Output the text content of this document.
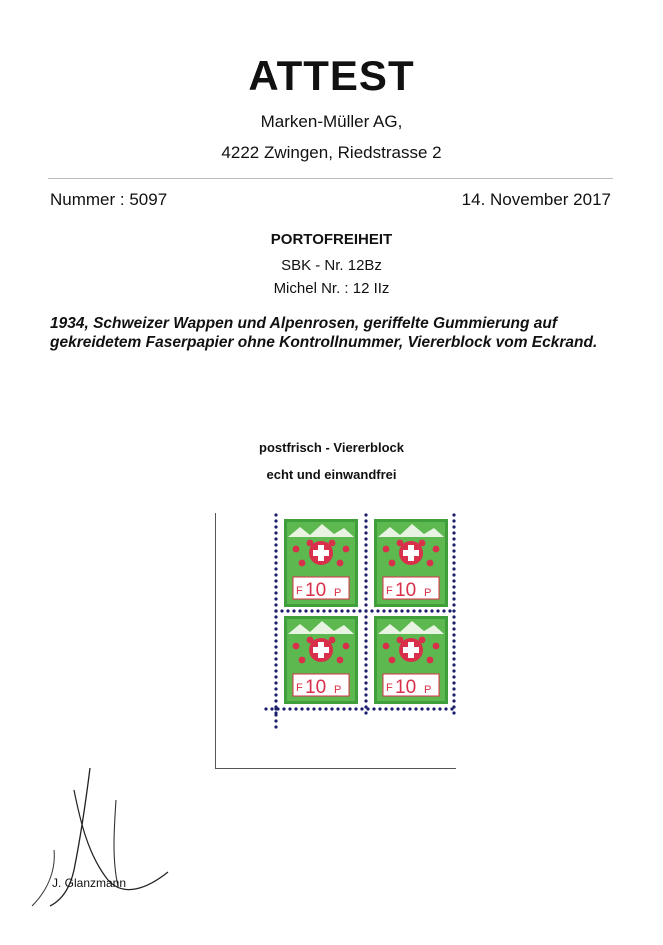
ATTEST
Marken-Müller AG,
4222 Zwingen, Riedstrasse 2
Nummer : 5097	14. November 2017
PORTOFREIHEIT
SBK - Nr. 12Bz
Michel Nr. : 12 IIz
1934, Schweizer Wappen und Alpenrosen, geriffelte Gummierung auf gekreidetem Faserpapier ohne Kontrollnummer, Viererblock vom Eckrand.
postfrisch - Viererblock
echt und einwandfrei
F 10 P	F 10 P
F 10 P	F 10 P
J. Glanzmann
